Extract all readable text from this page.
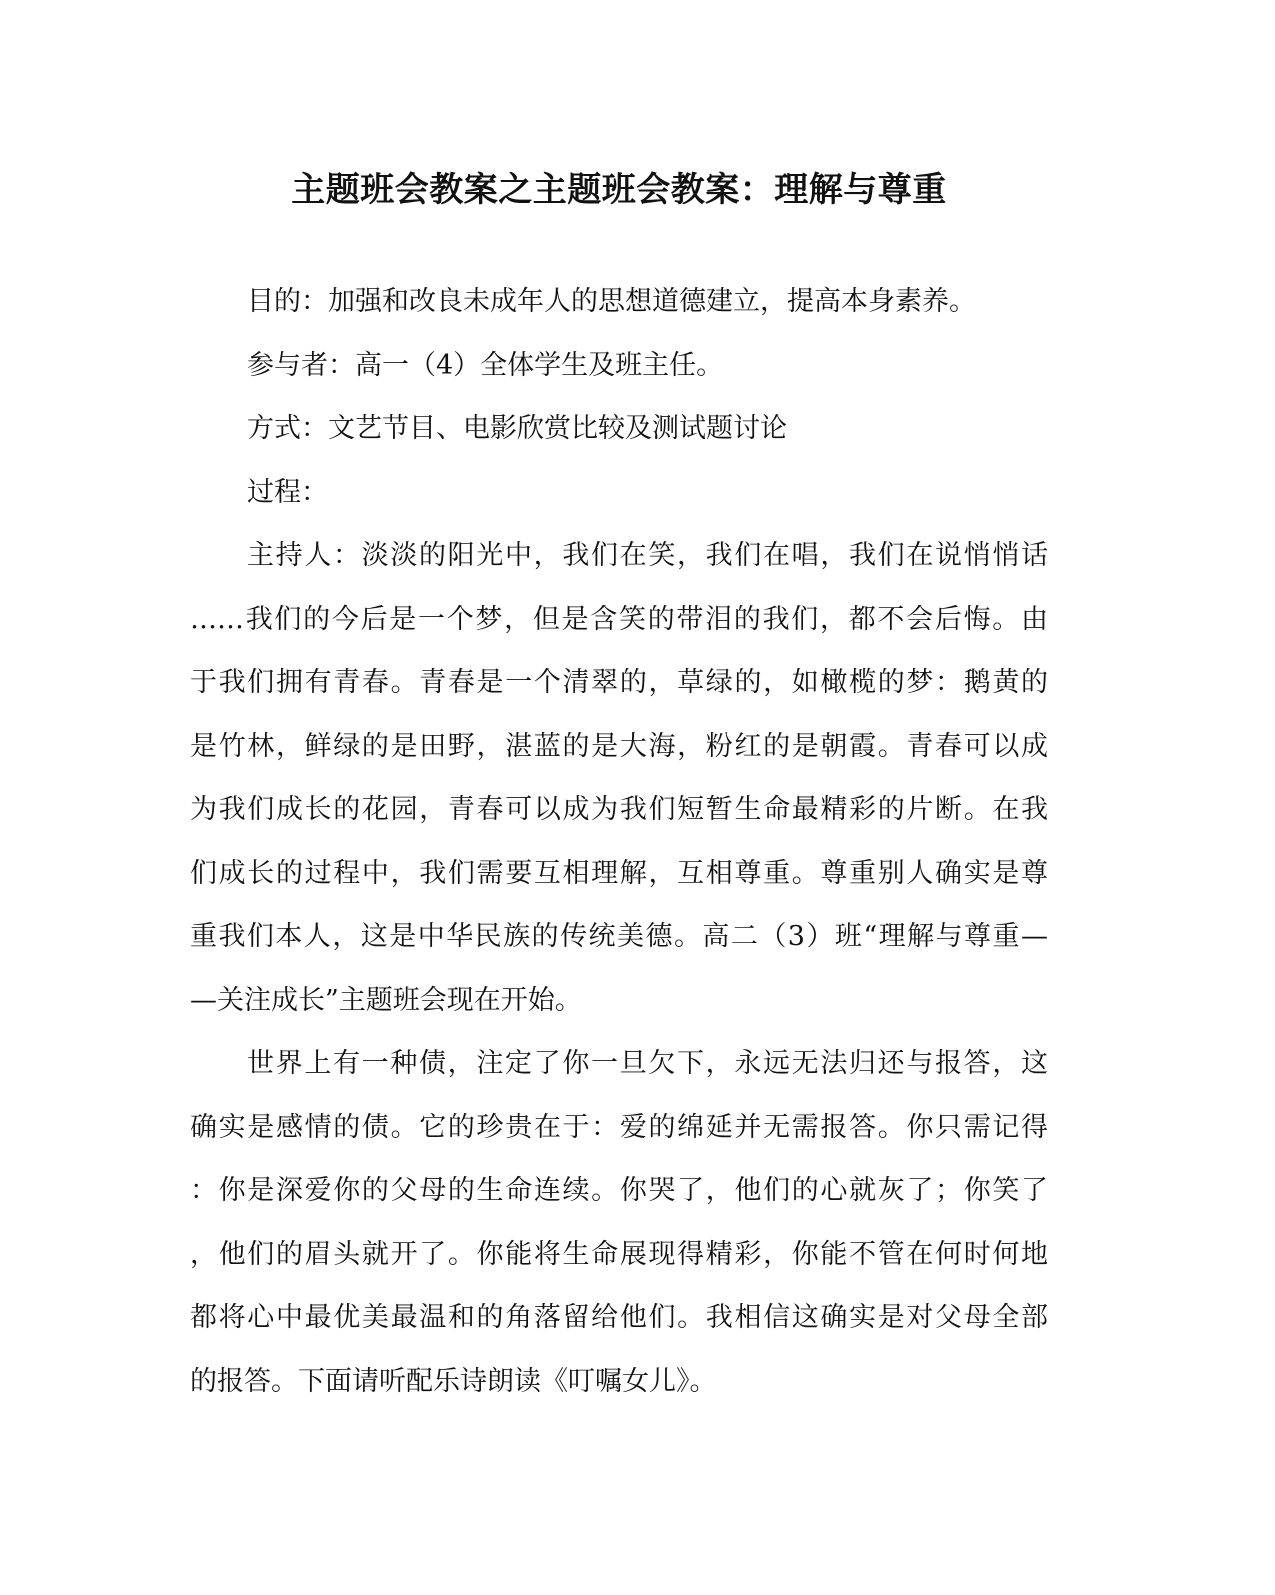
主题班会教案之主题班会教案：理解与尊重
目的：加强和改良未成年人的思想道德建立，提高本身素养。
参与者：高一（4）全体学生及班主任。
方式：文艺节目、电影欣赏比较及测试题讨论
过程：
主持人：淡淡的阳光中，我们在笑，我们在唱，我们在说悄悄话
……我们的今后是一个梦，但是含笑的带泪的我们，都不会后悔。由
于我们拥有青春。青春是一个清翠的，草绿的，如橄榄的梦：鹅黄的
是竹林，鲜绿的是田野，湛蓝的是大海，粉红的是朝霞。青春可以成
为我们成长的花园，青春可以成为我们短暂生命最精彩的片断。在我
们成长的过程中，我们需要互相理解，互相尊重。尊重别人确实是尊
重我们本人，这是中华民族的传统美德。高二（3）班“理解与尊重—
—关注成长”主题班会现在开始。
世界上有一种债，注定了你一旦欠下，永远无法归还与报答，这
确实是感情的债。它的珍贵在于：爱的绵延并无需报答。你只需记得
：你是深爱你的父母的生命连续。你哭了，他们的心就灰了；你笑了
，他们的眉头就开了。你能将生命展现得精彩，你能不管在何时何地
都将心中最优美最温和的角落留给他们。我相信这确实是对父母全部
的报答。下面请听配乐诗朗读《叮嘱女儿》。
